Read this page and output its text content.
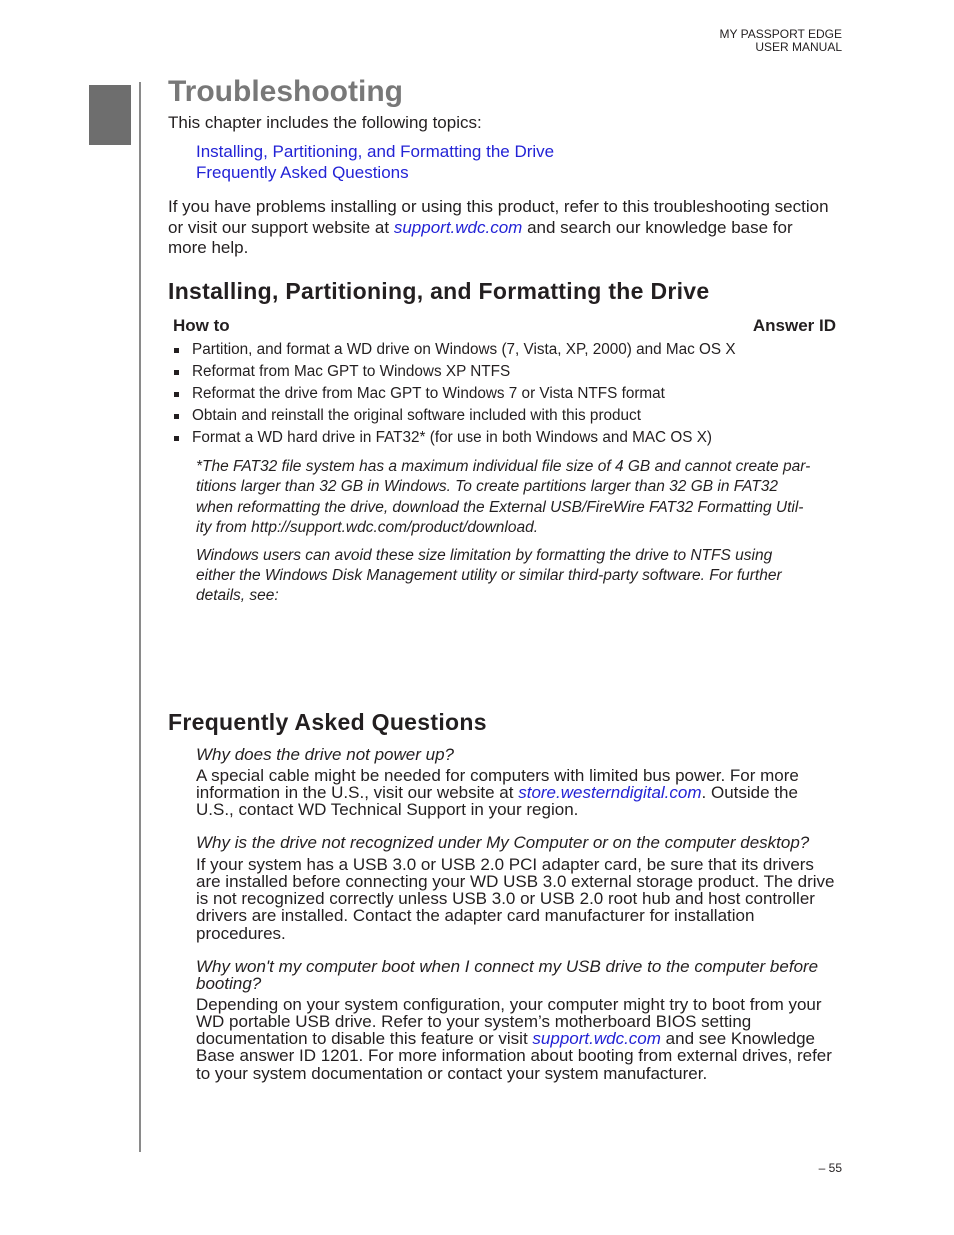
MY PASSPORT EDGE
USER MANUAL
Troubleshooting
This chapter includes the following topics:
Installing, Partitioning, and Formatting the Drive
Frequently Asked Questions
If you have problems installing or using this product, refer to this troubleshooting section
or visit our support website at support.wdc.com and search our knowledge base for
more help.
Installing, Partitioning, and Formatting the Drive
How to	Answer ID
Partition, and format a WD drive on Windows (7, Vista, XP, 2000) and Mac OS X
Reformat from Mac GPT to Windows XP NTFS
Reformat the drive from Mac GPT to Windows 7 or Vista NTFS format
Obtain and reinstall the original software included with this product
Format a WD hard drive in FAT32* (for use in both Windows and MAC OS X)
*The FAT32 file system has a maximum individual file size of 4 GB and cannot create par-
titions larger than 32 GB in Windows. To create partitions larger than 32 GB in FAT32
when reformatting the drive, download the External USB/FireWire FAT32 Formatting Util-
ity from http://support.wdc.com/product/download.
Windows users can avoid these size limitation by formatting the drive to NTFS using
either the Windows Disk Management utility or similar third-party software. For further
details, see:
Frequently Asked Questions
Why does the drive not power up?
A special cable might be needed for computers with limited bus power. For more
information in the U.S., visit our website at store.westerndigital.com. Outside the
U.S., contact WD Technical Support in your region.
Why is the drive not recognized under My Computer or on the computer desktop?
If your system has a USB 3.0 or USB 2.0 PCI adapter card, be sure that its drivers
are installed before connecting your WD USB 3.0 external storage product. The drive
is not recognized correctly unless USB 3.0 or USB 2.0 root hub and host controller
drivers are installed. Contact the adapter card manufacturer for installation
procedures.
Why won't my computer boot when I connect my USB drive to the computer before
booting?
Depending on your system configuration, your computer might try to boot from your
WD portable USB drive. Refer to your system’s motherboard BIOS setting
documentation to disable this feature or visit support.wdc.com and see Knowledge
Base answer ID 1201. For more information about booting from external drives, refer
to your system documentation or contact your system manufacturer.
– 55
